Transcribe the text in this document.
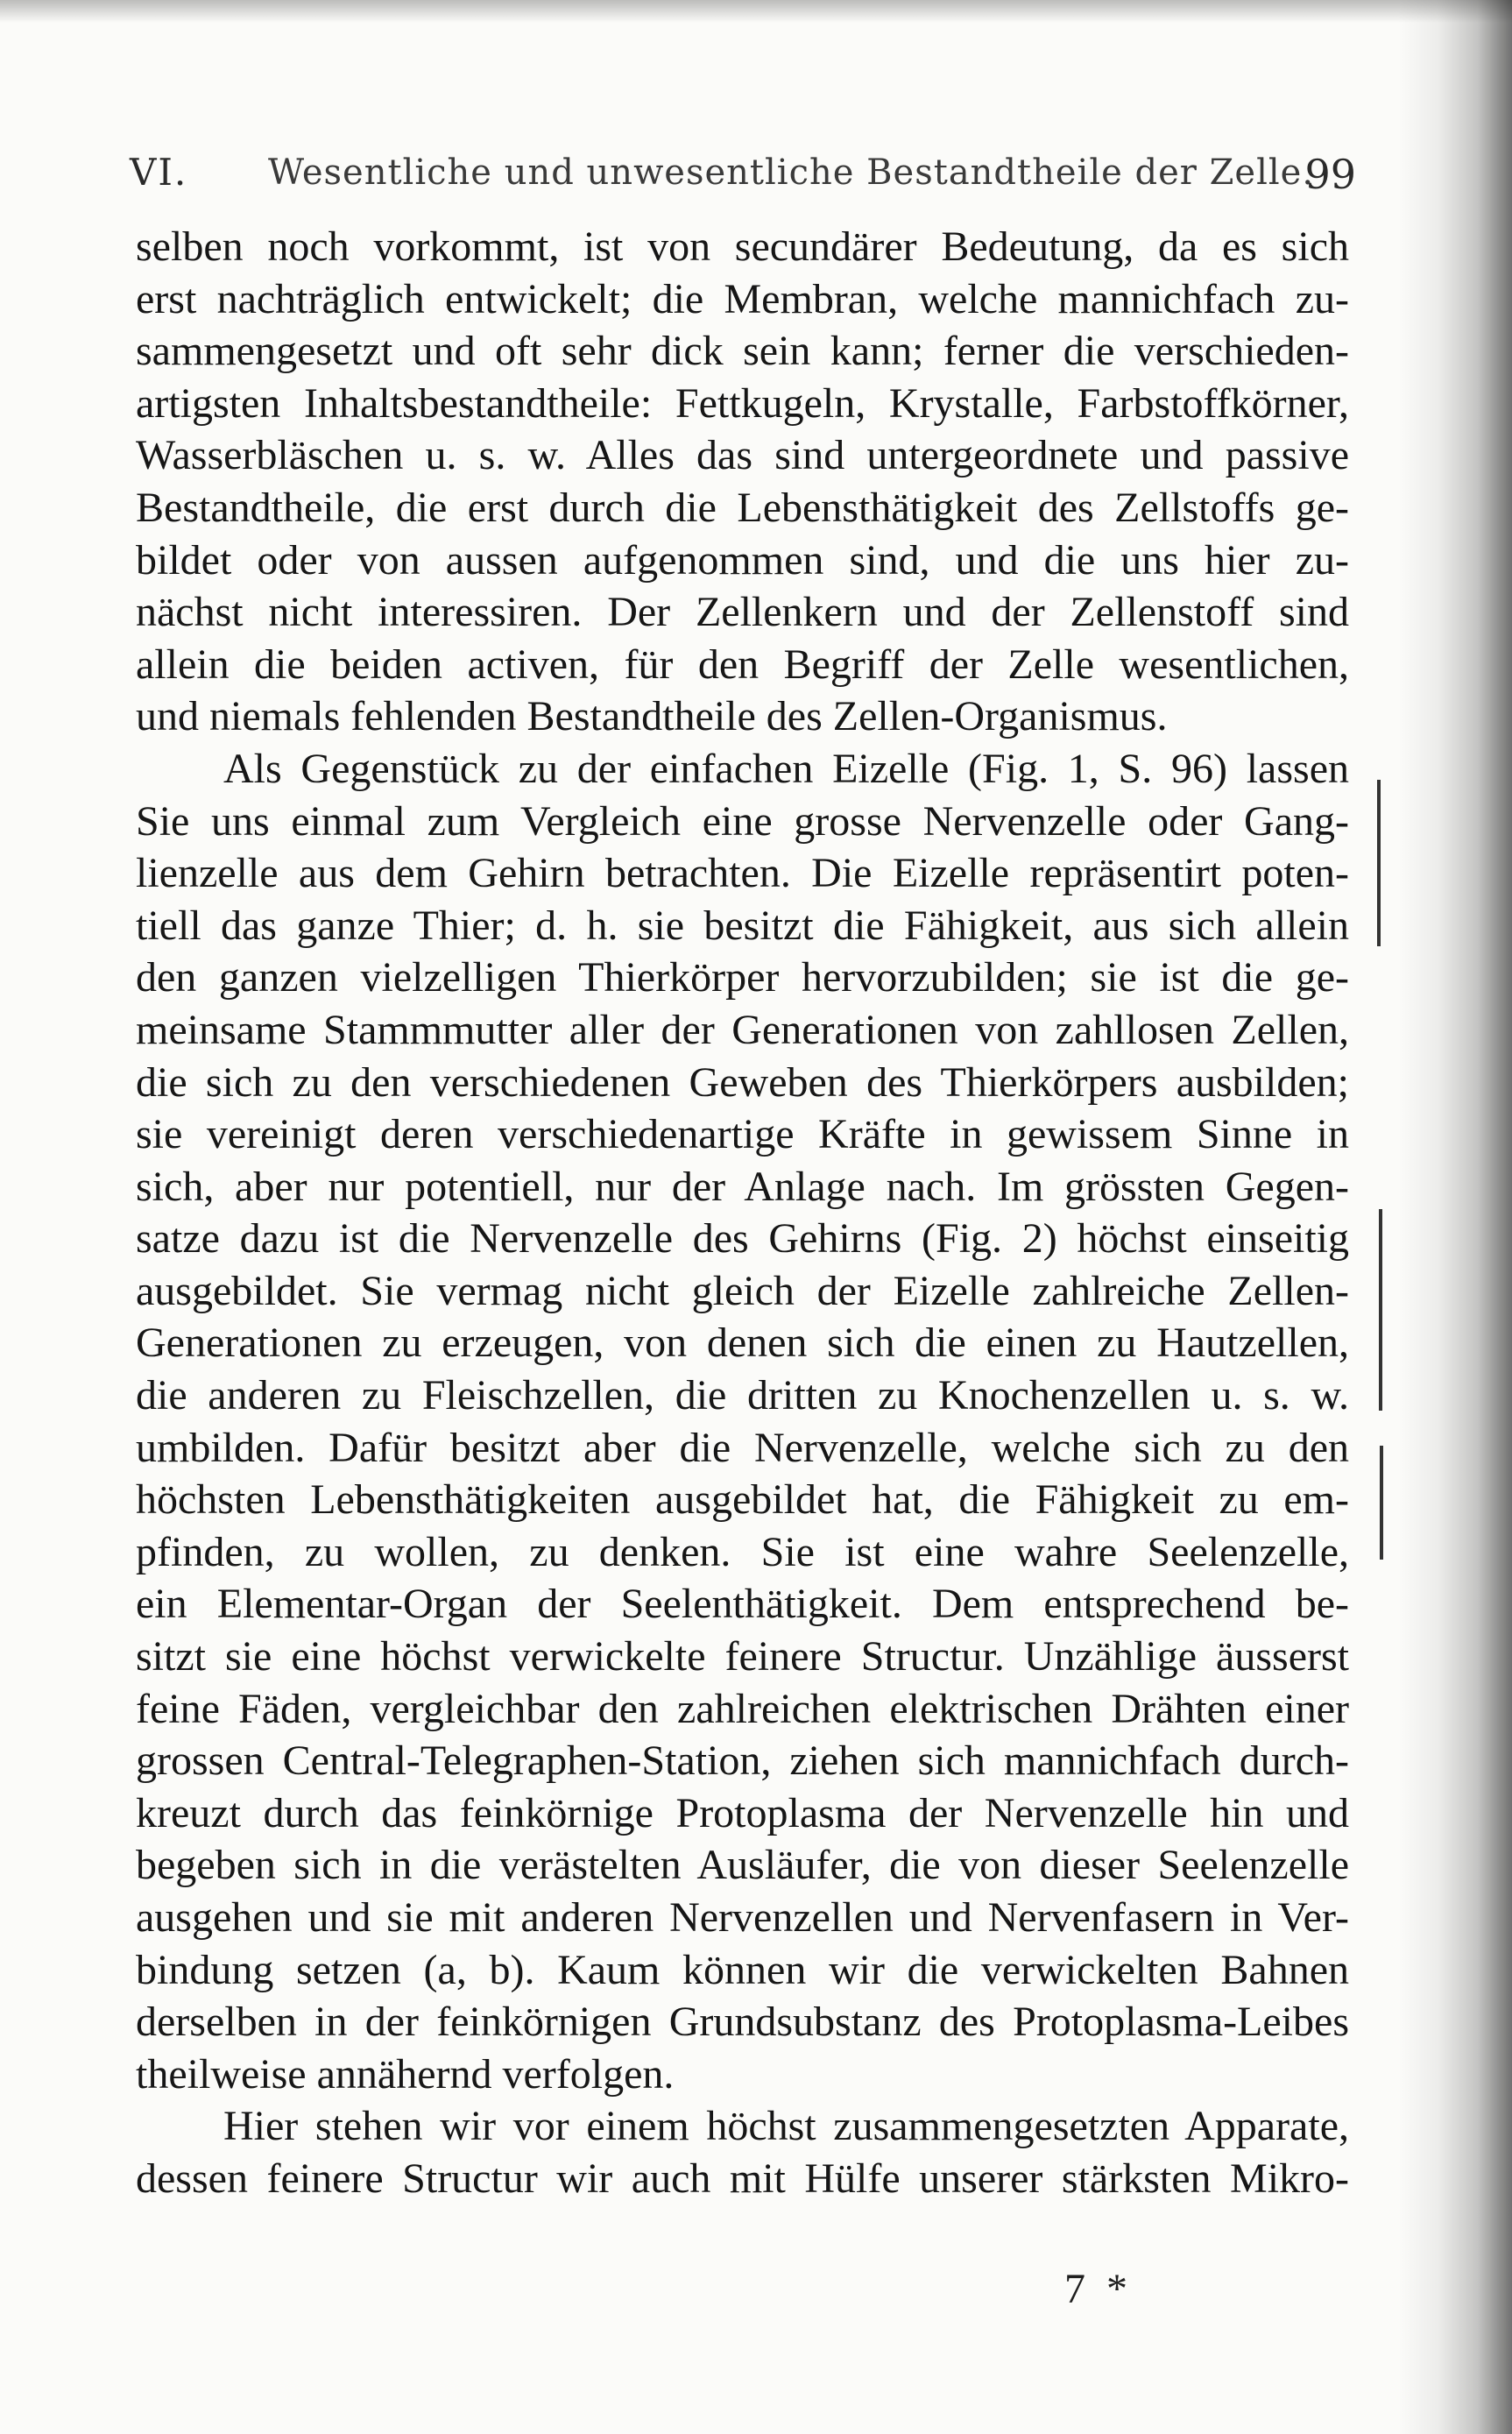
VI. Wesentliche und unwesentliche Bestandtheile der Zelle.
99
selben noch vorkommt, ist von secundärer Bedeutung, da es sich
erst nachträglich entwickelt; die Membran, welche mannichfach zu-
sammengesetzt und oft sehr dick sein kann; ferner die verschieden-
artigsten Inhaltsbestandtheile: Fettkugeln, Krystalle, Farbstoffkörner,
Wasserbläschen u. s. w. Alles das sind untergeordnete und passive
Bestandtheile, die erst durch die Lebensthätigkeit des Zellstoffs ge-
bildet oder von aussen aufgenommen sind, und die uns hier zu-
nächst nicht interessiren. Der Zellenkern und der Zellenstoff sind
allein die beiden activen, für den Begriff der Zelle wesentlichen,
und niemals fehlenden Bestandtheile des Zellen-Organismus.
Als Gegenstück zu der einfachen Eizelle (Fig. 1, S. 96) lassen
Sie uns einmal zum Vergleich eine grosse Nervenzelle oder Gang-
lienzelle aus dem Gehirn betrachten. Die Eizelle repräsentirt poten-
tiell das ganze Thier; d. h. sie besitzt die Fähigkeit, aus sich allein
den ganzen vielzelligen Thierkörper hervorzubilden; sie ist die ge-
meinsame Stammmutter aller der Generationen von zahllosen Zellen,
die sich zu den verschiedenen Geweben des Thierkörpers ausbilden;
sie vereinigt deren verschiedenartige Kräfte in gewissem Sinne in
sich, aber nur potentiell, nur der Anlage nach. Im grössten Gegen-
satze dazu ist die Nervenzelle des Gehirns (Fig. 2) höchst einseitig
ausgebildet. Sie vermag nicht gleich der Eizelle zahlreiche Zellen-
Generationen zu erzeugen, von denen sich die einen zu Hautzellen,
die anderen zu Fleischzellen, die dritten zu Knochenzellen u. s. w.
umbilden. Dafür besitzt aber die Nervenzelle, welche sich zu den
höchsten Lebensthätigkeiten ausgebildet hat, die Fähigkeit zu em-
pfinden, zu wollen, zu denken. Sie ist eine wahre Seelenzelle,
ein Elementar-Organ der Seelenthätigkeit. Dem entsprechend be-
sitzt sie eine höchst verwickelte feinere Structur. Unzählige äusserst
feine Fäden, vergleichbar den zahlreichen elektrischen Drähten einer
grossen Central-Telegraphen-Station, ziehen sich mannichfach durch-
kreuzt durch das feinkörnige Protoplasma der Nervenzelle hin und
begeben sich in die verästelten Ausläufer, die von dieser Seelenzelle
ausgehen und sie mit anderen Nervenzellen und Nervenfasern in Ver-
bindung setzen (a, b). Kaum können wir die verwickelten Bahnen
derselben in der feinkörnigen Grundsubstanz des Protoplasma-Leibes
theilweise annähernd verfolgen.
Hier stehen wir vor einem höchst zusammengesetzten Apparate,
dessen feinere Structur wir auch mit Hülfe unserer stärksten Mikro-
7 *
